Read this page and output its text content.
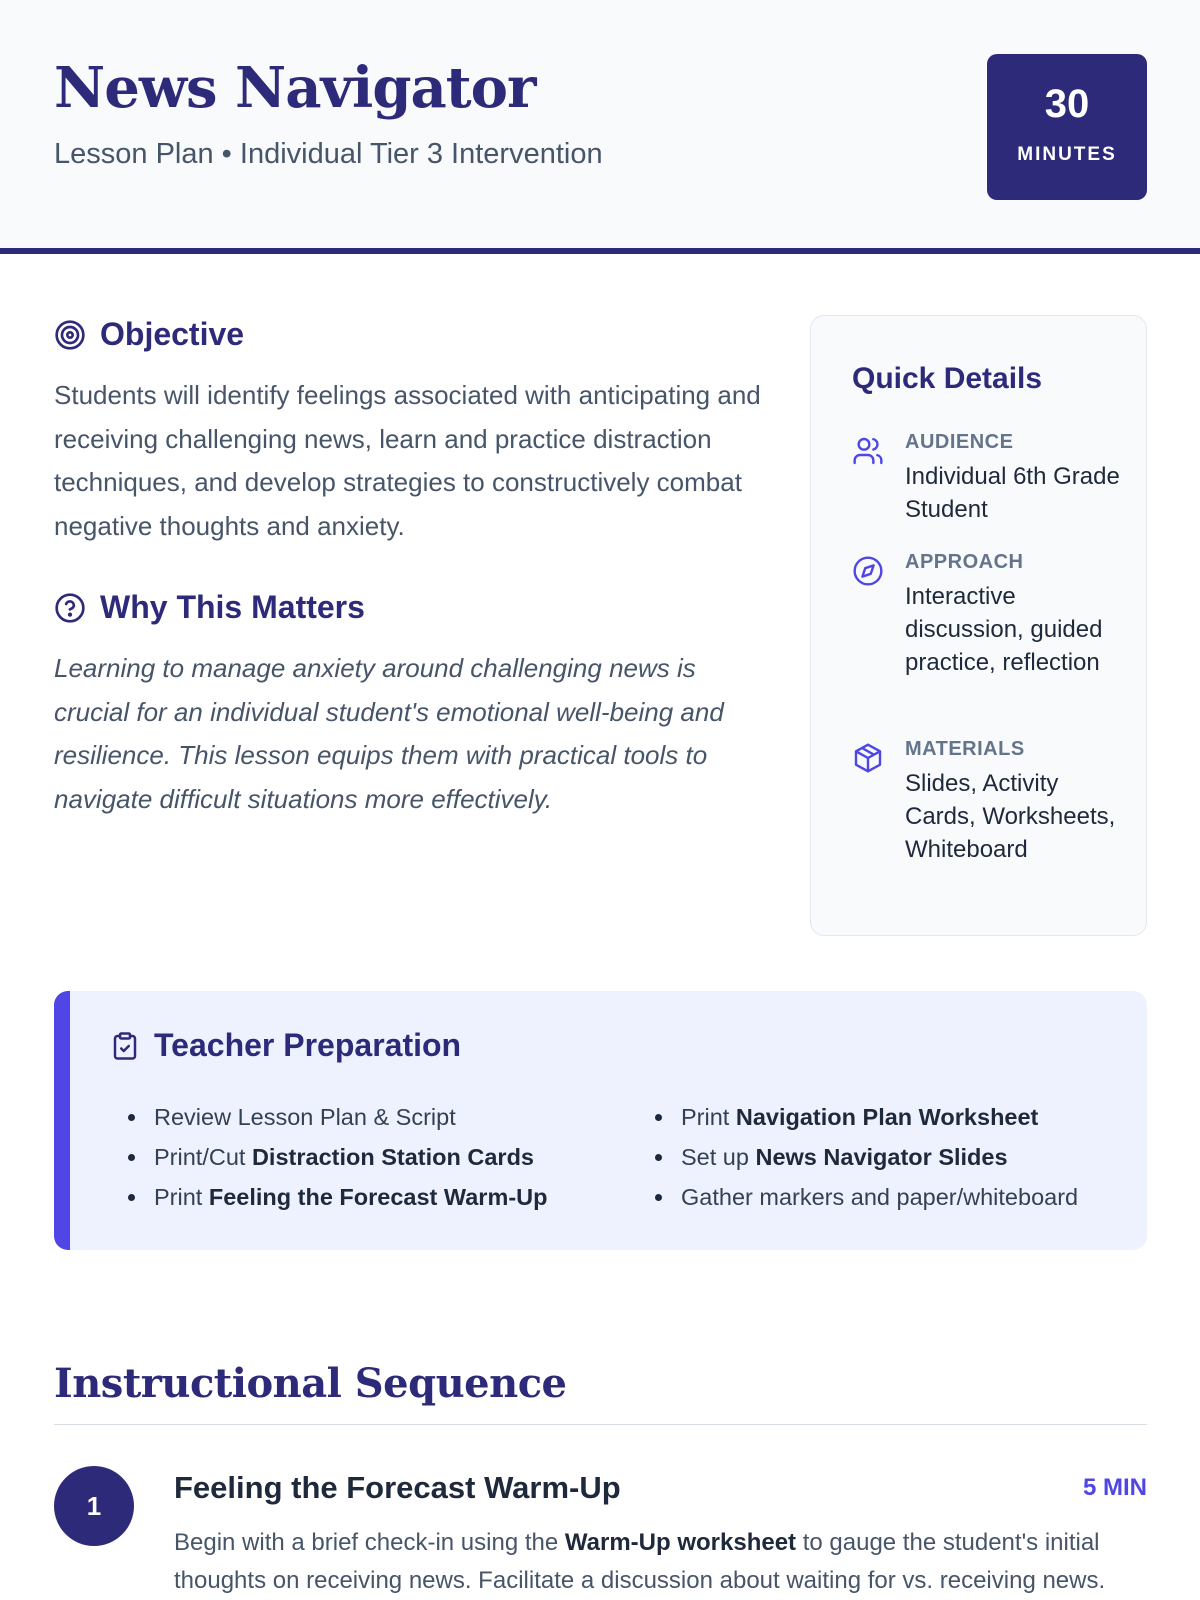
News Navigator
Lesson Plan • Individual Tier 3 Intervention
30
MINUTES
Objective

Students will identify feelings associated with anticipating and receiving challenging news, learn and practice distraction techniques, and develop strategies to constructively combat negative thoughts and anxiety.

Why This Matters

Learning to manage anxiety around challenging news is crucial for an individual student's emotional well-being and resilience. This lesson equips them with practical tools to navigate difficult situations more effectively.

Quick Details
AUDIENCE
Individual 6th Grade Student
APPROACH
Interactive discussion, guided practice, reflection
MATERIALS
Slides, Activity Cards, Worksheets, Whiteboard
Teacher Preparation
Review Lesson Plan & Script
Print/Cut Distraction Station Cards
Print Feeling the Forecast Warm-Up
Print Navigation Plan Worksheet
Set up News Navigator Slides
Gather markers and paper/whiteboard
Instructional Sequence
1
Feeling the Forecast Warm-Up	5 MIN

Begin with a brief check-in using the Warm-Up worksheet to gauge the student's initial thoughts on receiving news. Facilitate a discussion about waiting for vs. receiving news.
